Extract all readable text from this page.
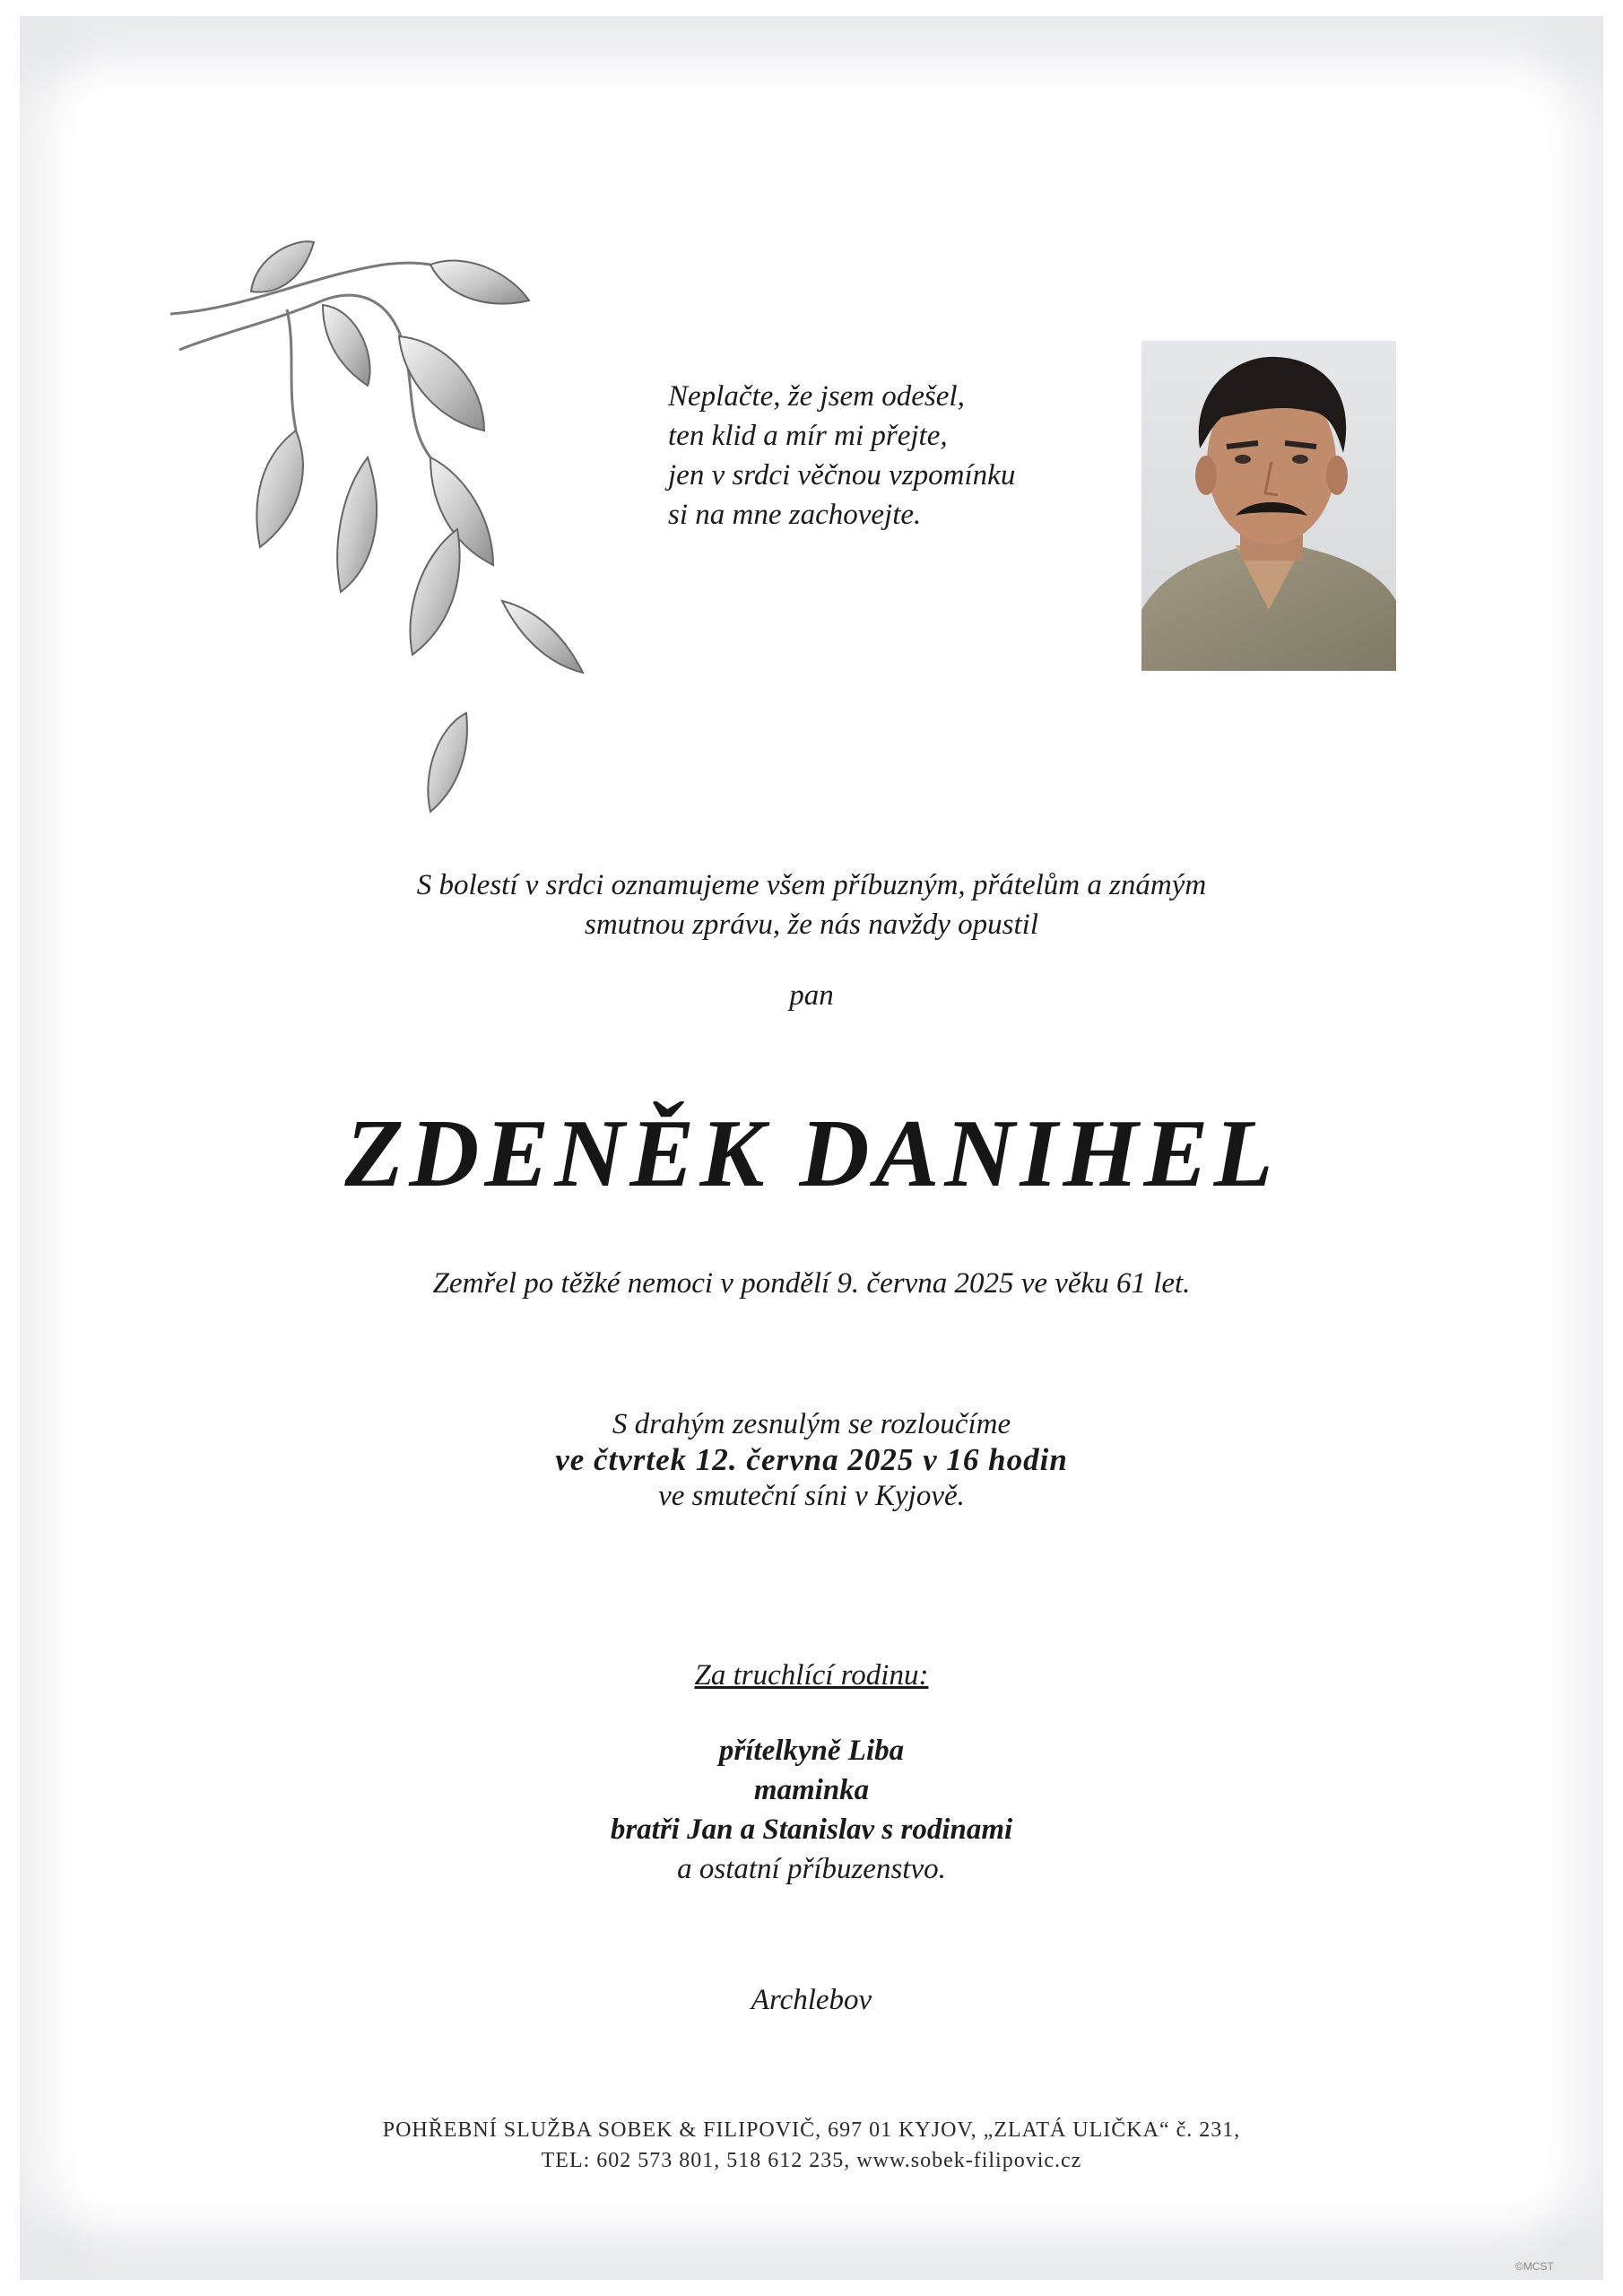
Neplačte, že jsem odešel,
ten klid a mír mi přejte,
jen v srdci věčnou vzpomínku
si na mne zachovejte.
S bolestí v srdci oznamujeme všem příbuzným, přátelům a známým
smutnou zprávu, že nás navždy opustil
pan
ZDENĚK DANIHEL
Zemřel po těžké nemoci v pondělí 9. června 2025 ve věku 61 let.
S drahým zesnulým se rozloučíme
ve čtvrtek 12. června 2025 v 16 hodin
ve smuteční síni v Kyjově.
Za truchlící rodinu:
přítelkyně Liba
maminka
bratři Jan a Stanislav s rodinami
a ostatní příbuzenstvo.
Archlebov
POHŘEBNÍ SLUŽBA SOBEK & FILIPOVIČ, 697 01 KYJOV, „ZLATÁ ULIČKA“ č. 231,
TEL: 602 573 801, 518 612 235, www.sobek-filipovic.cz
©MCST
